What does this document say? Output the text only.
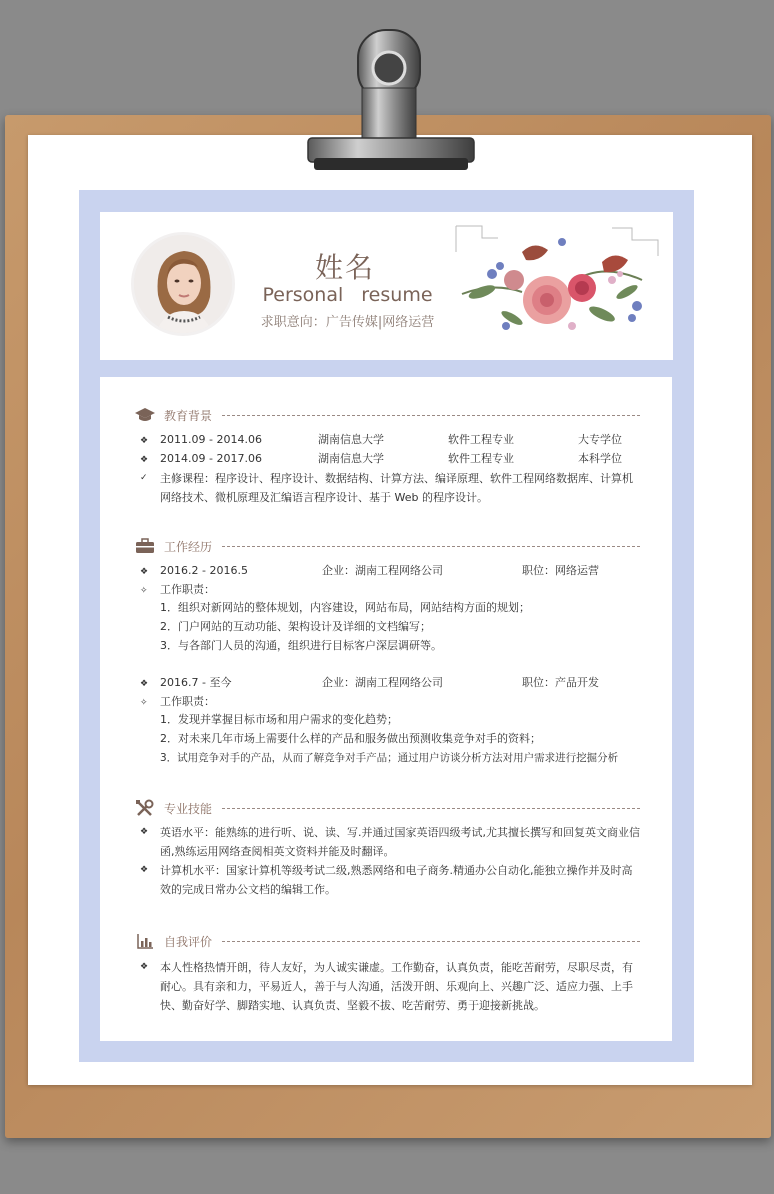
姓名
Personal resume
求职意向：广告传媒|网络运营
教育背景
❖ 2011.09 - 2014.06	湖南信息大学	软件工程专业	大专学位
❖ 2014.09 - 2017.06	湖南信息大学	软件工程专业	本科学位
✓ 主修课程：程序设计、程序设计、数据结构、计算方法、编译原理、软件工程网络数据库、计算机网络技术、微机原理及汇编语言程序设计、基于 Web 的程序设计。
工作经历
❖ 2016.2 - 2016.5	企业：湖南工程网络公司	职位：网络运营
✧ 工作职责：
1．组织对新网站的整体规划，内容建设，网站布局，网站结构方面的规划；
2．门户网站的互动功能、架构设计及详细的文档编写；
3．与各部门人员的沟通，组织进行目标客户深层调研等。
❖ 2016.7 - 至今	企业：湖南工程网络公司	职位：产品开发
✧ 工作职责：
1．发现并掌握目标市场和用户需求的变化趋势；
2．对未来几年市场上需要什么样的产品和服务做出预测收集竞争对手的资料；
3．试用竞争对手的产品，从而了解竞争对手产品；通过用户访谈分析方法对用户需求进行挖掘分析
专业技能
❖ 英语水平：能熟练的进行听、说、读、写.并通过国家英语四级考试,尤其擅长撰写和回复英文商业信函,熟练运用网络查阅相英文资料并能及时翻译。
❖ 计算机水平：国家计算机等级考试二级,熟悉网络和电子商务.精通办公自动化,能独立操作并及时高效的完成日常办公文档的编辑工作。
自我评价
❖ 本人性格热情开朗，待人友好，为人诚实谦虚。工作勤奋，认真负责，能吃苦耐劳，尽职尽责，有耐心。具有亲和力，平易近人，善于与人沟通，活泼开朗、乐观向上、兴趣广泛、适应力强、上手快、勤奋好学、脚踏实地、认真负责、坚毅不拔、吃苦耐劳、勇于迎接新挑战。
